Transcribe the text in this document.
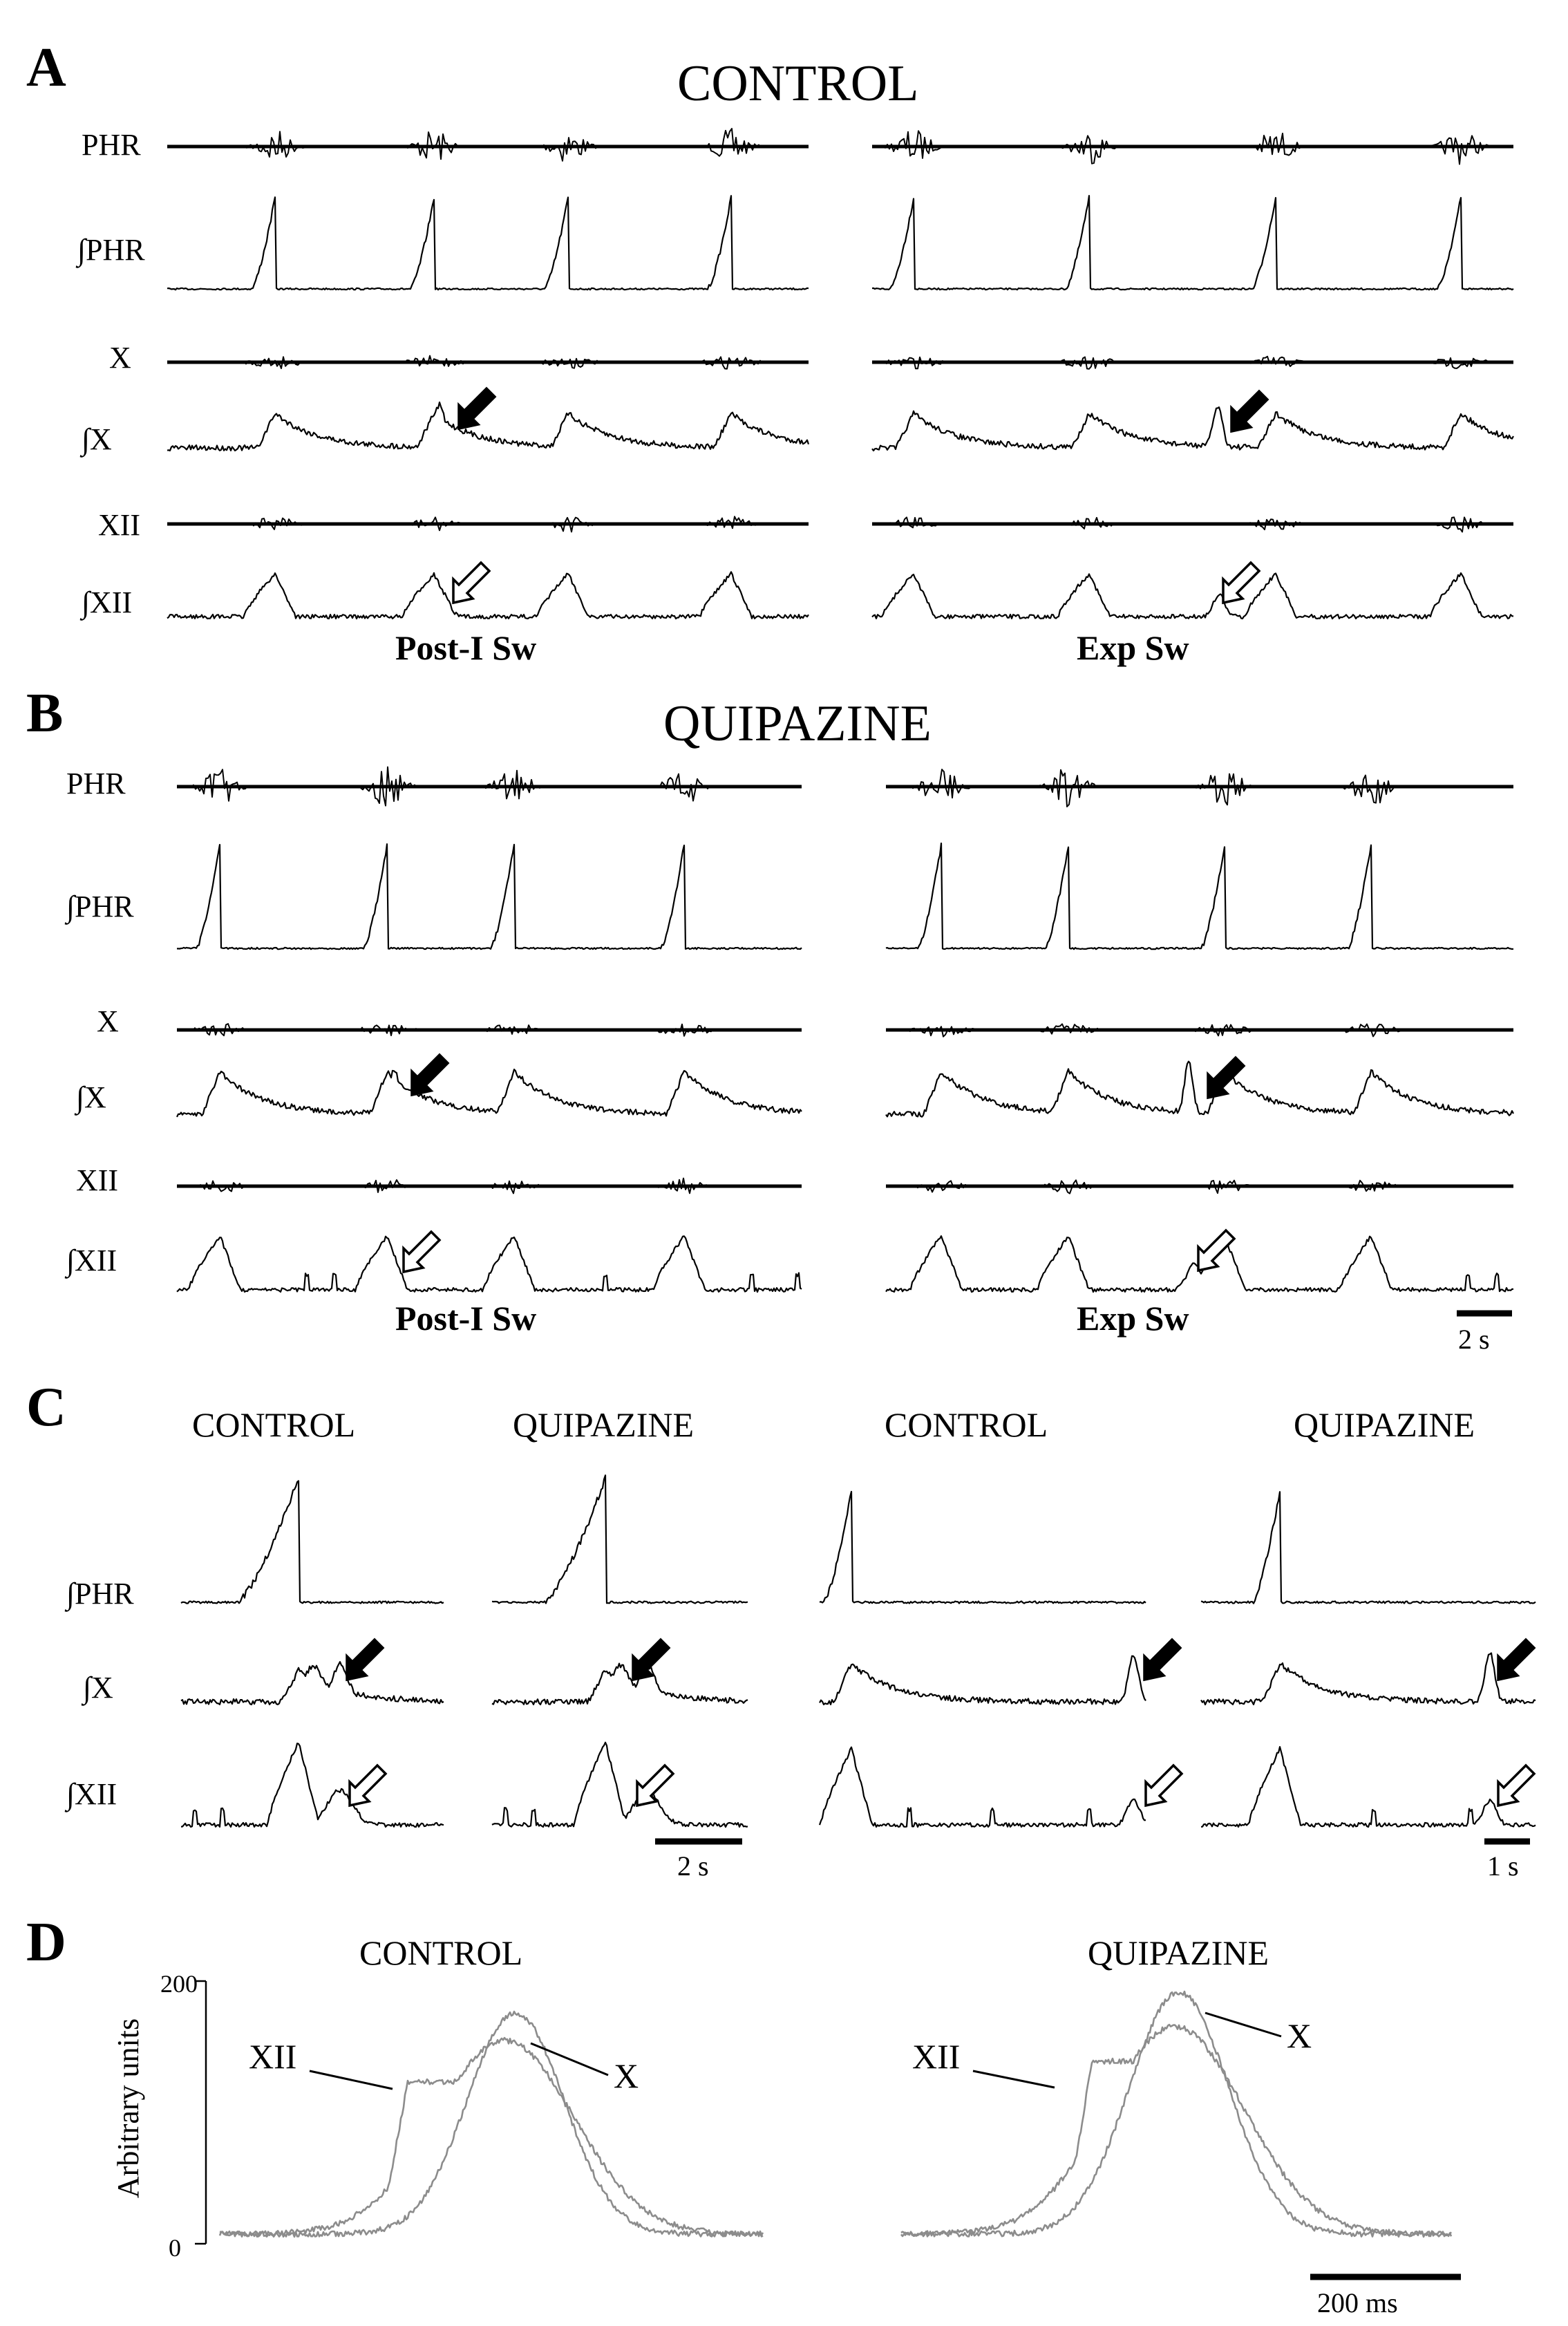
A	CONTROL
PHR
∫PHR
X
∫X
XII
∫XII
Post-I Sw	Exp Sw
B	QUIPAZINE
PHR
∫PHR
X
∫X
XII
∫XII
Post-I Sw	Exp Sw
2 s
C	CONTROL	QUIPAZINE	CONTROL	QUIPAZINE
∫PHR
∫X
∫XII
2 s	1 s
D	CONTROL	QUIPAZINE
200
0
Arbitrary units	XII	X	XII
X
200 ms
